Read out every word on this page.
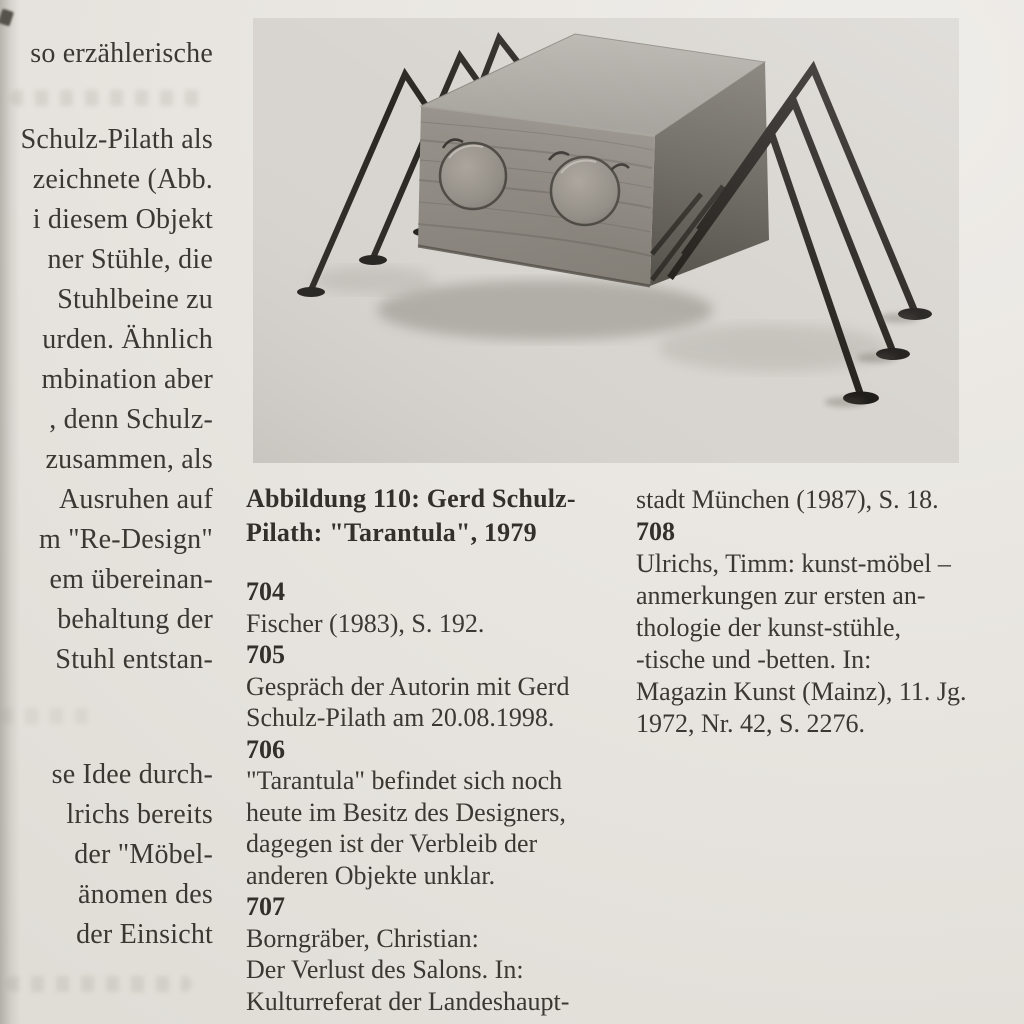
so erzählerische
Schulz-Pilath als
zeichnete (Abb.
i diesem Objekt
ner Stühle, die
Stuhlbeine zu
urden. Ähnlich
mbination aber
, denn Schulz-
zusammen, als
Ausruhen auf
m "Re-Design"
em übereinan-
behaltung der
Stuhl entstan-
se Idee durch-
lrichs bereits
der "Möbel-
änomen des
der Einsicht
Abbildung 110: Gerd Schulz-
Pilath: "Tarantula", 1979
704
Fischer (1983), S. 192.
705
Gespräch der Autorin mit Gerd
Schulz-Pilath am 20.08.1998.
706
"Tarantula" befindet sich noch
heute im Besitz des Designers,
dagegen ist der Verbleib der
anderen Objekte unklar.
707
Borngräber, Christian:
Der Verlust des Salons. In:
Kulturreferat der Landeshaupt-
stadt München (1987), S. 18.
708
Ulrichs, Timm: kunst-möbel –
anmerkungen zur ersten an-
thologie der kunst-stühle,
-tische und -betten. In:
Magazin Kunst (Mainz), 11. Jg.
1972, Nr. 42, S. 2276.
